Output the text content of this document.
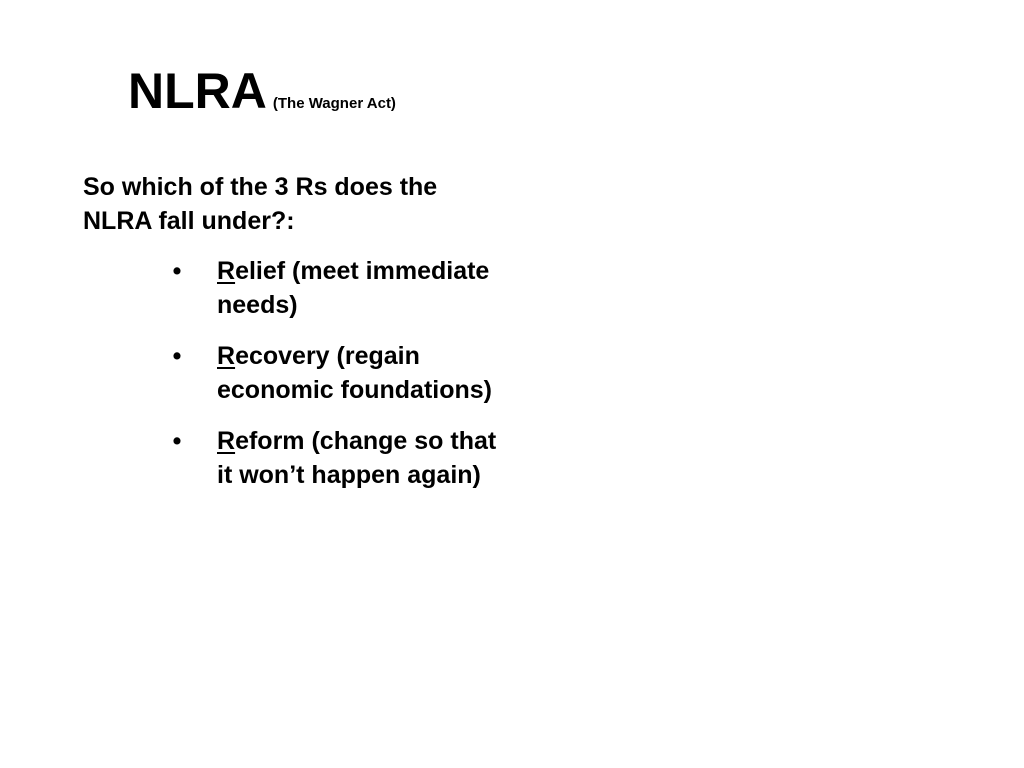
NLRA (The Wagner Act)
So which of the 3 Rs does the NLRA fall under?:
• Relief (meet immediate needs)
• Recovery (regain economic foundations)
• Reform (change so that it won’t happen again)
